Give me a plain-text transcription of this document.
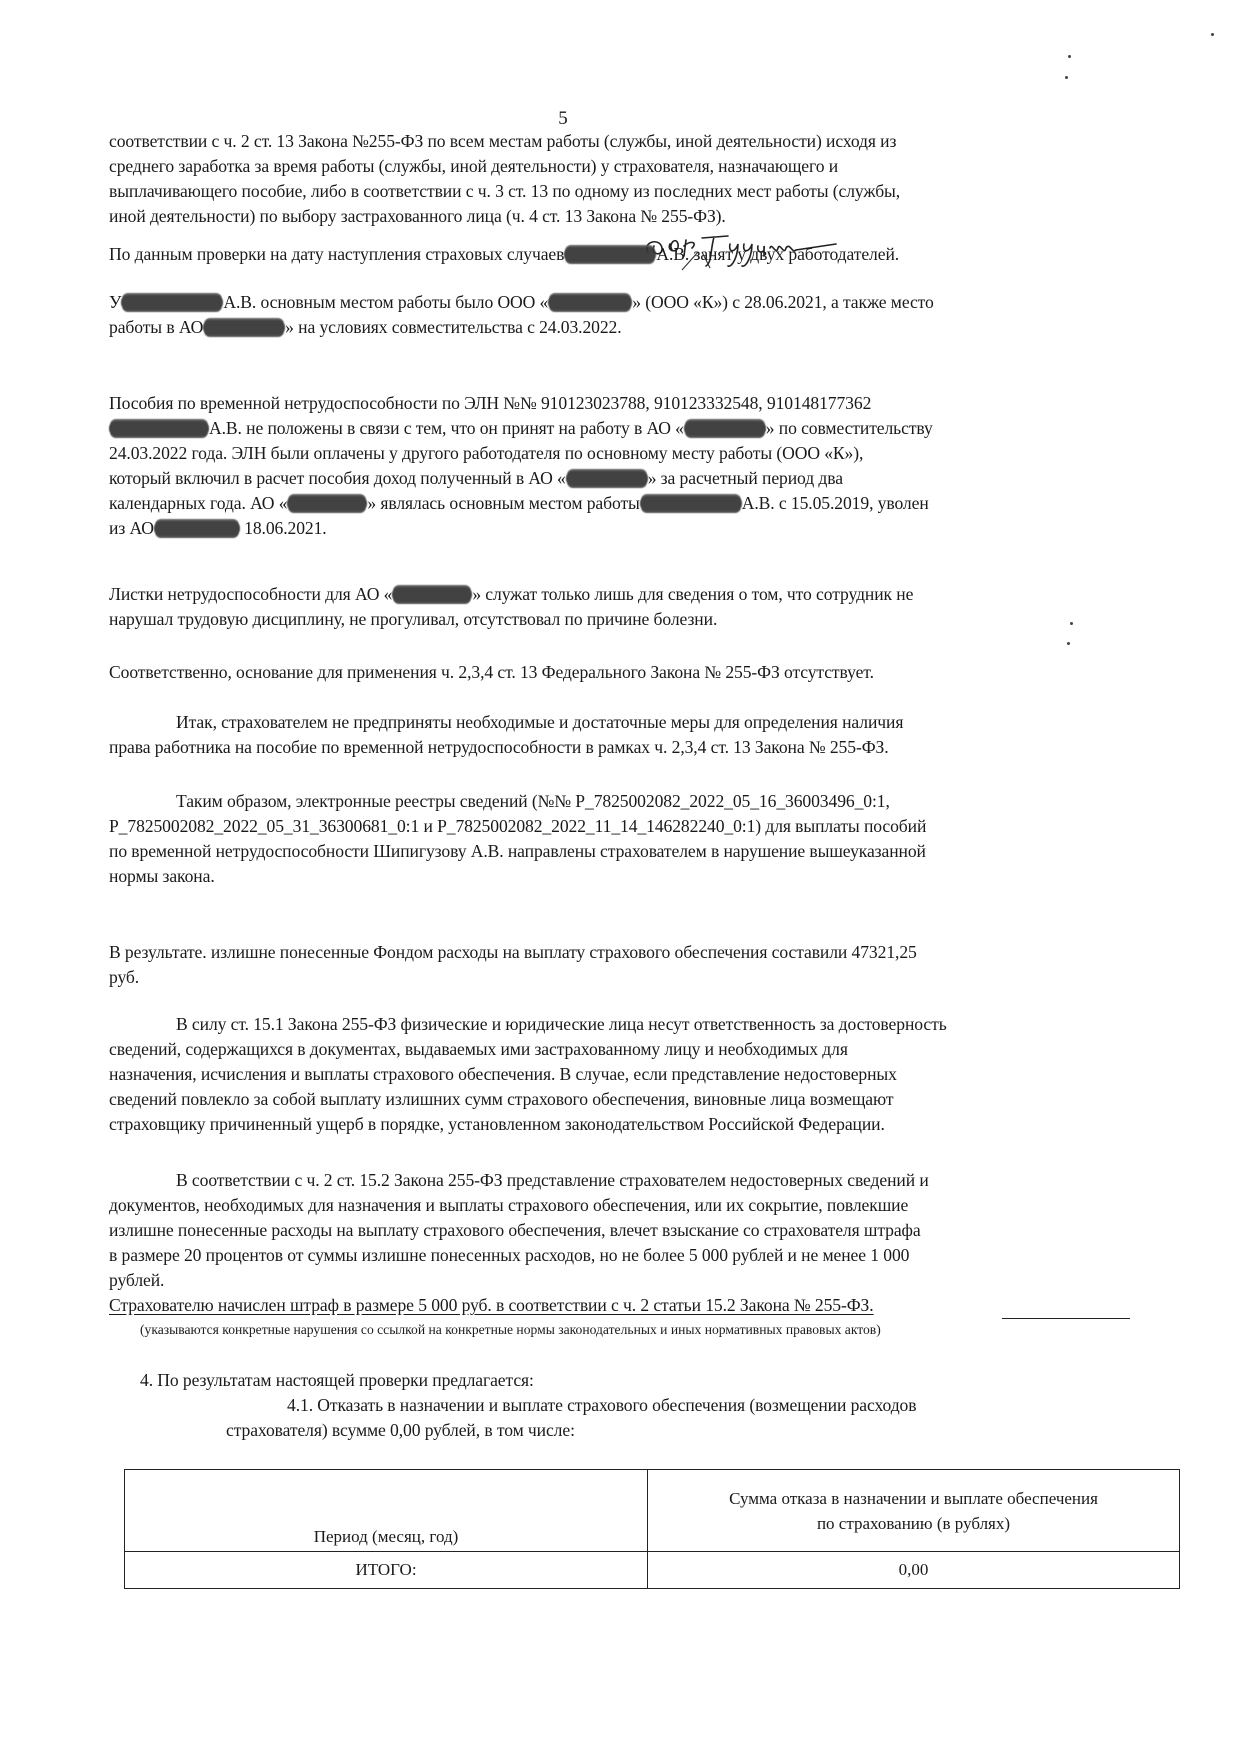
5
соответствии с ч. 2 ст. 13 Закона №255-ФЗ по всем местам работы (службы, иной деятельности) исходя из
среднего заработка за время работы (службы, иной деятельности) у страхователя, назначающего и
выплачивающего пособие, либо в соответствии с ч. 3 ст. 13 по одному из последних мест работы (службы,
иной деятельности) по выбору застрахованного лица (ч. 4 ст. 13 Закона № 255-ФЗ).
По данным проверки на дату наступления страховых случаев	А.В. занят у двух работодателей.
У	А.В. основным местом работы было ООО «	» (ООО «К») с 28.06.2021, а также место
работы в АО	» на условиях совместительства с 24.03.2022.
Пособия по временной нетрудоспособности по ЭЛН №№ 910123023788, 910123332548, 910148177362
А.В. не положены в связи с тем, что он принят на работу в АО «	» по совместительству
24.03.2022 года. ЭЛН были оплачены у другого работодателя по основному месту работы (ООО «К»),
который включил в расчет пособия доход полученный в АО «	» за расчетный период два
календарных года. АО «	» являлась основным местом работы	А.В. с 15.05.2019, уволен
из АО	18.06.2021.
Листки нетрудоспособности для АО «	» служат только лишь для сведения о том, что сотрудник не
нарушал трудовую дисциплину, не прогуливал, отсутствовал по причине болезни.
Соответственно, основание для применения ч. 2,3,4 ст. 13 Федерального Закона № 255-ФЗ отсутствует.
Итак, страхователем не предприняты необходимые и достаточные меры для определения наличия
права работника на пособие по временной нетрудоспособности в рамках ч. 2,3,4 ст. 13 Закона № 255-ФЗ.
Таким образом, электронные реестры сведений (№№ P_7825002082_2022_05_16_36003496_0:1,
P_7825002082_2022_05_31_36300681_0:1 и P_7825002082_2022_11_14_146282240_0:1) для выплаты пособий
по временной нетрудоспособности Шипигузову А.В. направлены страхователем в нарушение вышеуказанной
нормы закона.
В результате. излишне понесенные Фондом расходы на выплату страхового обеспечения составили 47321,25
руб.
В силу ст. 15.1 Закона 255-ФЗ физические и юридические лица несут ответственность за достоверность
сведений, содержащихся в документах, выдаваемых ими застрахованному лицу и необходимых для
назначения, исчисления и выплаты страхового обеспечения. В случае, если представление недостоверных
сведений повлекло за собой выплату излишних сумм страхового обеспечения, виновные лица возмещают
страховщику причиненный ущерб в порядке, установленном законодательством Российской Федерации.
В соответствии с ч. 2 ст. 15.2 Закона 255-ФЗ представление страхователем недостоверных сведений и
документов, необходимых для назначения и выплаты страхового обеспечения, или их сокрытие, повлекшие
излишне понесенные расходы на выплату страхового обеспечения, влечет взыскание со страхователя штрафа
в размере 20 процентов от суммы излишне понесенных расходов, но не более 5 000 рублей и не менее 1 000
рублей.
Страхователю начислен штраф в размере 5 000 руб. в соответствии с ч. 2 статьи 15.2 Закона № 255-ФЗ.
(указываются конкретные нарушения со ссылкой на конкретные нормы законодательных и иных нормативных правовых актов)
4. По результатам настоящей проверки предлагается:
4.1. Отказать в назначении и выплате страхового обеспечения (возмещении расходов
страхователя) всумме 0,00 рублей, в том числе:
Период (месяц, год)	Сумма отказа в назначении и выплате обеспечения
по страхованию (в рублях)

ИТОГО:	0,00
